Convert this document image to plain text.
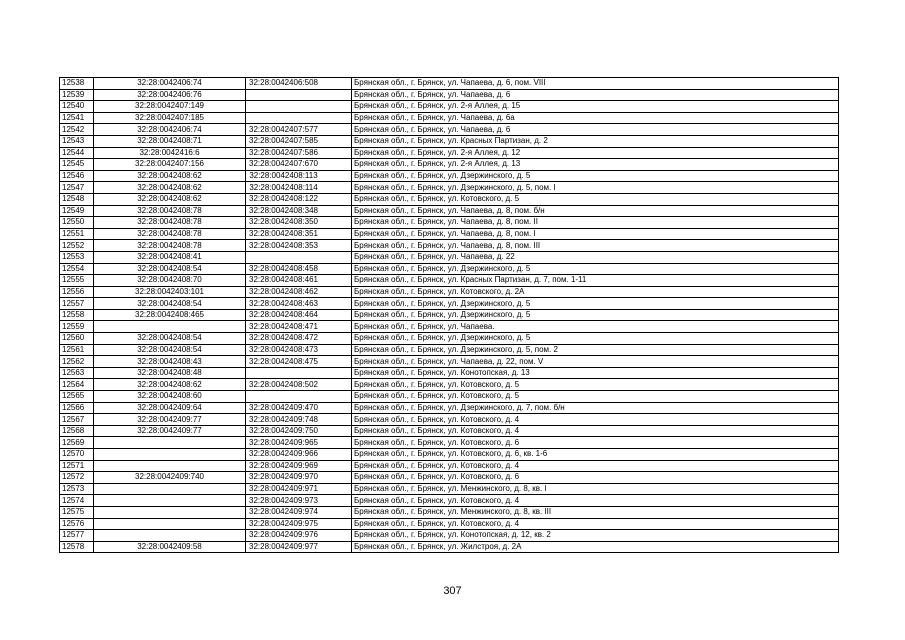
12538	32:28:0042406:74	32:28:0042406:508	Брянская обл., г. Брянск, ул. Чапаева, д. 6, пом. VIII
12539	32:28:0042406:76		Брянская обл., г. Брянск, ул. Чапаева, д. 6
12540	32:28:0042407:149		Брянская обл., г. Брянск, ул. 2-я Аллея, д. 15
12541	32:28:0042407:185		Брянская обл., г. Брянск, ул. Чапаева, д. 6а
12542	32:28:0042406:74	32:28:0042407:577	Брянская обл., г. Брянск, ул. Чапаева, д. 6
12543	32:28:0042408:71	32:28:0042407:585	Брянская обл., г. Брянск, ул. Красных Партизан, д. 2
12544	32:28:0042416:6	32:28:0042407:586	Брянская обл., г. Брянск, ул. 2-я Аллея, д. 12
12545	32:28:0042407:156	32:28:0042407:670	Брянская обл., г. Брянск, ул. 2-я Аллея, д. 13
12546	32:28:0042408:62	32:28:0042408:113	Брянская обл., г. Брянск, ул. Дзержинского, д. 5
12547	32:28:0042408:62	32:28:0042408:114	Брянская обл., г. Брянск, ул. Дзержинского, д. 5, пом. I
12548	32:28:0042408:62	32:28:0042408:122	Брянская обл., г. Брянск, ул. Котовского, д. 5
12549	32:28:0042408:78	32:28:0042408:348	Брянская обл., г. Брянск, ул. Чапаева, д. 8, пом. б/н
12550	32:28:0042408:78	32:28:0042408:350	Брянская обл., г. Брянск, ул. Чапаева, д. 8, пом. II
12551	32:28:0042408:78	32:28:0042408:351	Брянская обл., г. Брянск, ул. Чапаева, д. 8, пом. I
12552	32:28:0042408:78	32:28:0042408:353	Брянская обл., г. Брянск, ул. Чапаева, д. 8, пом. III
12553	32:28:0042408:41		Брянская обл., г. Брянск, ул. Чапаева, д. 22
12554	32:28:0042408:54	32:28:0042408:458	Брянская обл., г. Брянск, ул. Дзержинского, д. 5
12555	32:28:0042408:70	32:28:0042408:461	Брянская обл., г. Брянск, ул. Красных Партизан, д. 7, пом. 1-11
12556	32:28:0042403:101	32:28:0042408:462	Брянская обл., г. Брянск, ул. Котовского, д. 2А
12557	32:28:0042408:54	32:28:0042408:463	Брянская обл., г. Брянск, ул. Дзержинского, д. 5
12558	32:28:0042408:465	32:28:0042408:464	Брянская обл., г. Брянск, ул. Дзержинского, д. 5
12559		32:28:0042408:471	Брянская обл., г. Брянск, ул. Чапаева.
12560	32:28:0042408:54	32:28:0042408:472	Брянская обл., г. Брянск, ул. Дзержинского, д. 5
12561	32:28:0042408:54	32:28:0042408:473	Брянская обл., г. Брянск, ул. Дзержинского, д. 5, пом. 2
12562	32:28:0042408:43	32:28:0042408:475	Брянская обл., г. Брянск, ул. Чапаева, д. 22, пом. V
12563	32:28:0042408:48		Брянская обл., г. Брянск, ул. Конотопская, д. 13
12564	32:28:0042408:62	32:28:0042408:502	Брянская обл., г. Брянск, ул. Котовского, д. 5
12565	32:28:0042408:60		Брянская обл., г. Брянск, ул. Котовского, д. 5
12566	32:28:0042409:64	32:28:0042409:470	Брянская обл., г. Брянск, ул. Дзержинского, д. 7, пом. б/н
12567	32:28:0042409:77	32:28:0042409:748	Брянская обл., г. Брянск, ул. Котовского, д. 4
12568	32:28:0042409:77	32:28:0042409:750	Брянская обл., г. Брянск, ул. Котовского, д. 4
12569		32:28:0042409:965	Брянская обл., г. Брянск, ул. Котовского, д. 6
12570		32:28:0042409:966	Брянская обл., г. Брянск, ул. Котовского, д. 6, кв. 1-6
12571		32:28:0042409:969	Брянская обл., г. Брянск, ул. Котовского, д. 4
12572	32:28:0042409:740	32:28:0042409:970	Брянская обл., г. Брянск, ул. Котовского, д. 6
12573		32:28:0042409:971	Брянская обл., г. Брянск, ул. Менжинского, д. 8, кв. I
12574		32:28:0042409:973	Брянская обл., г. Брянск, ул. Котовского, д. 4
12575		32:28:0042409:974	Брянская обл., г. Брянск, ул. Менжинского, д. 8, кв. III
12576		32:28:0042409:975	Брянская обл., г. Брянск, ул. Котовского, д. 4
12577		32:28:0042409:976	Брянская обл., г. Брянск, ул. Конотопская, д. 12, кв. 2
12578	32:28:0042409:58	32:28:0042409:977	Брянская обл., г. Брянск, ул. Жилстроя, д. 2А
307
